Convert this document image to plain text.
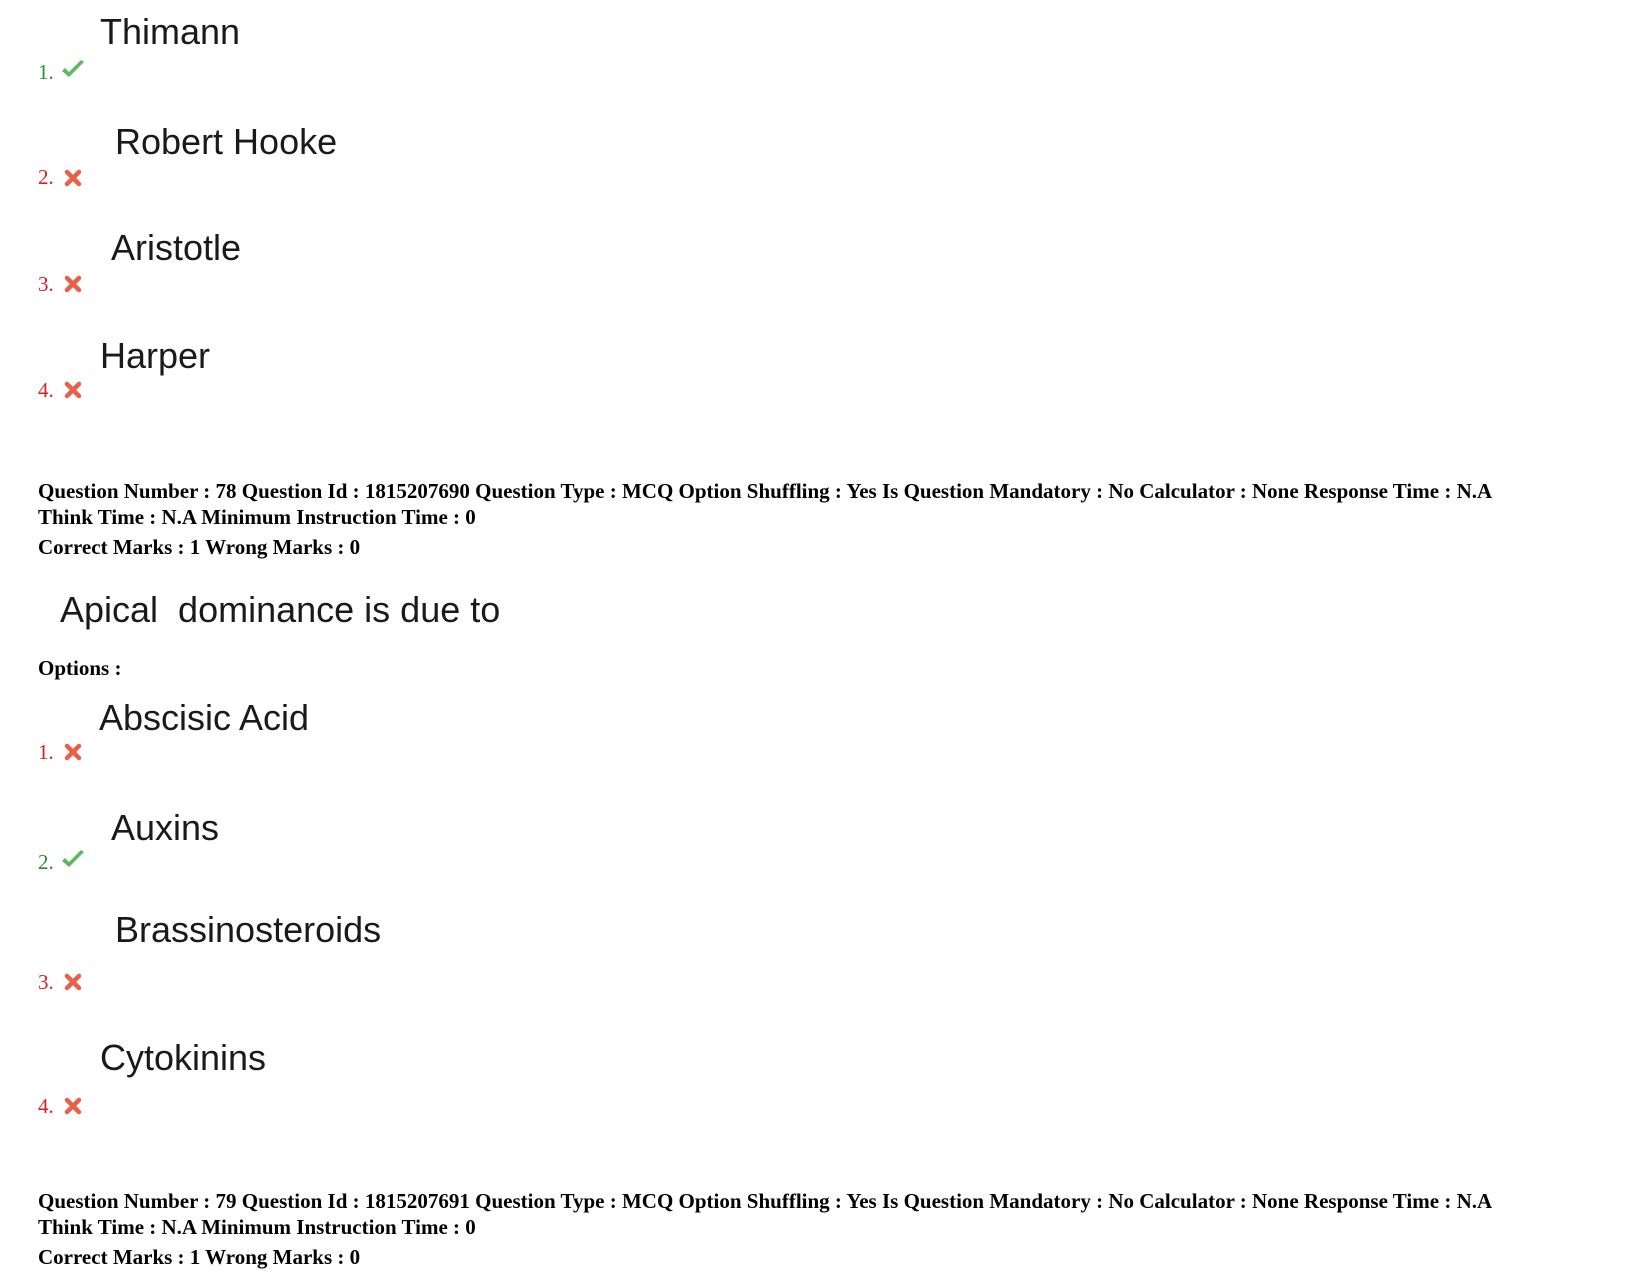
Thimann
1.
Robert Hooke
2.
Aristotle
3.
Harper
4.
Question Number : 78 Question Id : 1815207690 Question Type : MCQ Option Shuffling : Yes Is Question Mandatory : No Calculator : None Response Time : N.A
Think Time : N.A Minimum Instruction Time : 0
Correct Marks : 1 Wrong Marks : 0
Apical  dominance is due to
Options :
Abscisic Acid
1.
Auxins
2.
Brassinosteroids
3.
Cytokinins
4.
Question Number : 79 Question Id : 1815207691 Question Type : MCQ Option Shuffling : Yes Is Question Mandatory : No Calculator : None Response Time : N.A
Think Time : N.A Minimum Instruction Time : 0
Correct Marks : 1 Wrong Marks : 0
